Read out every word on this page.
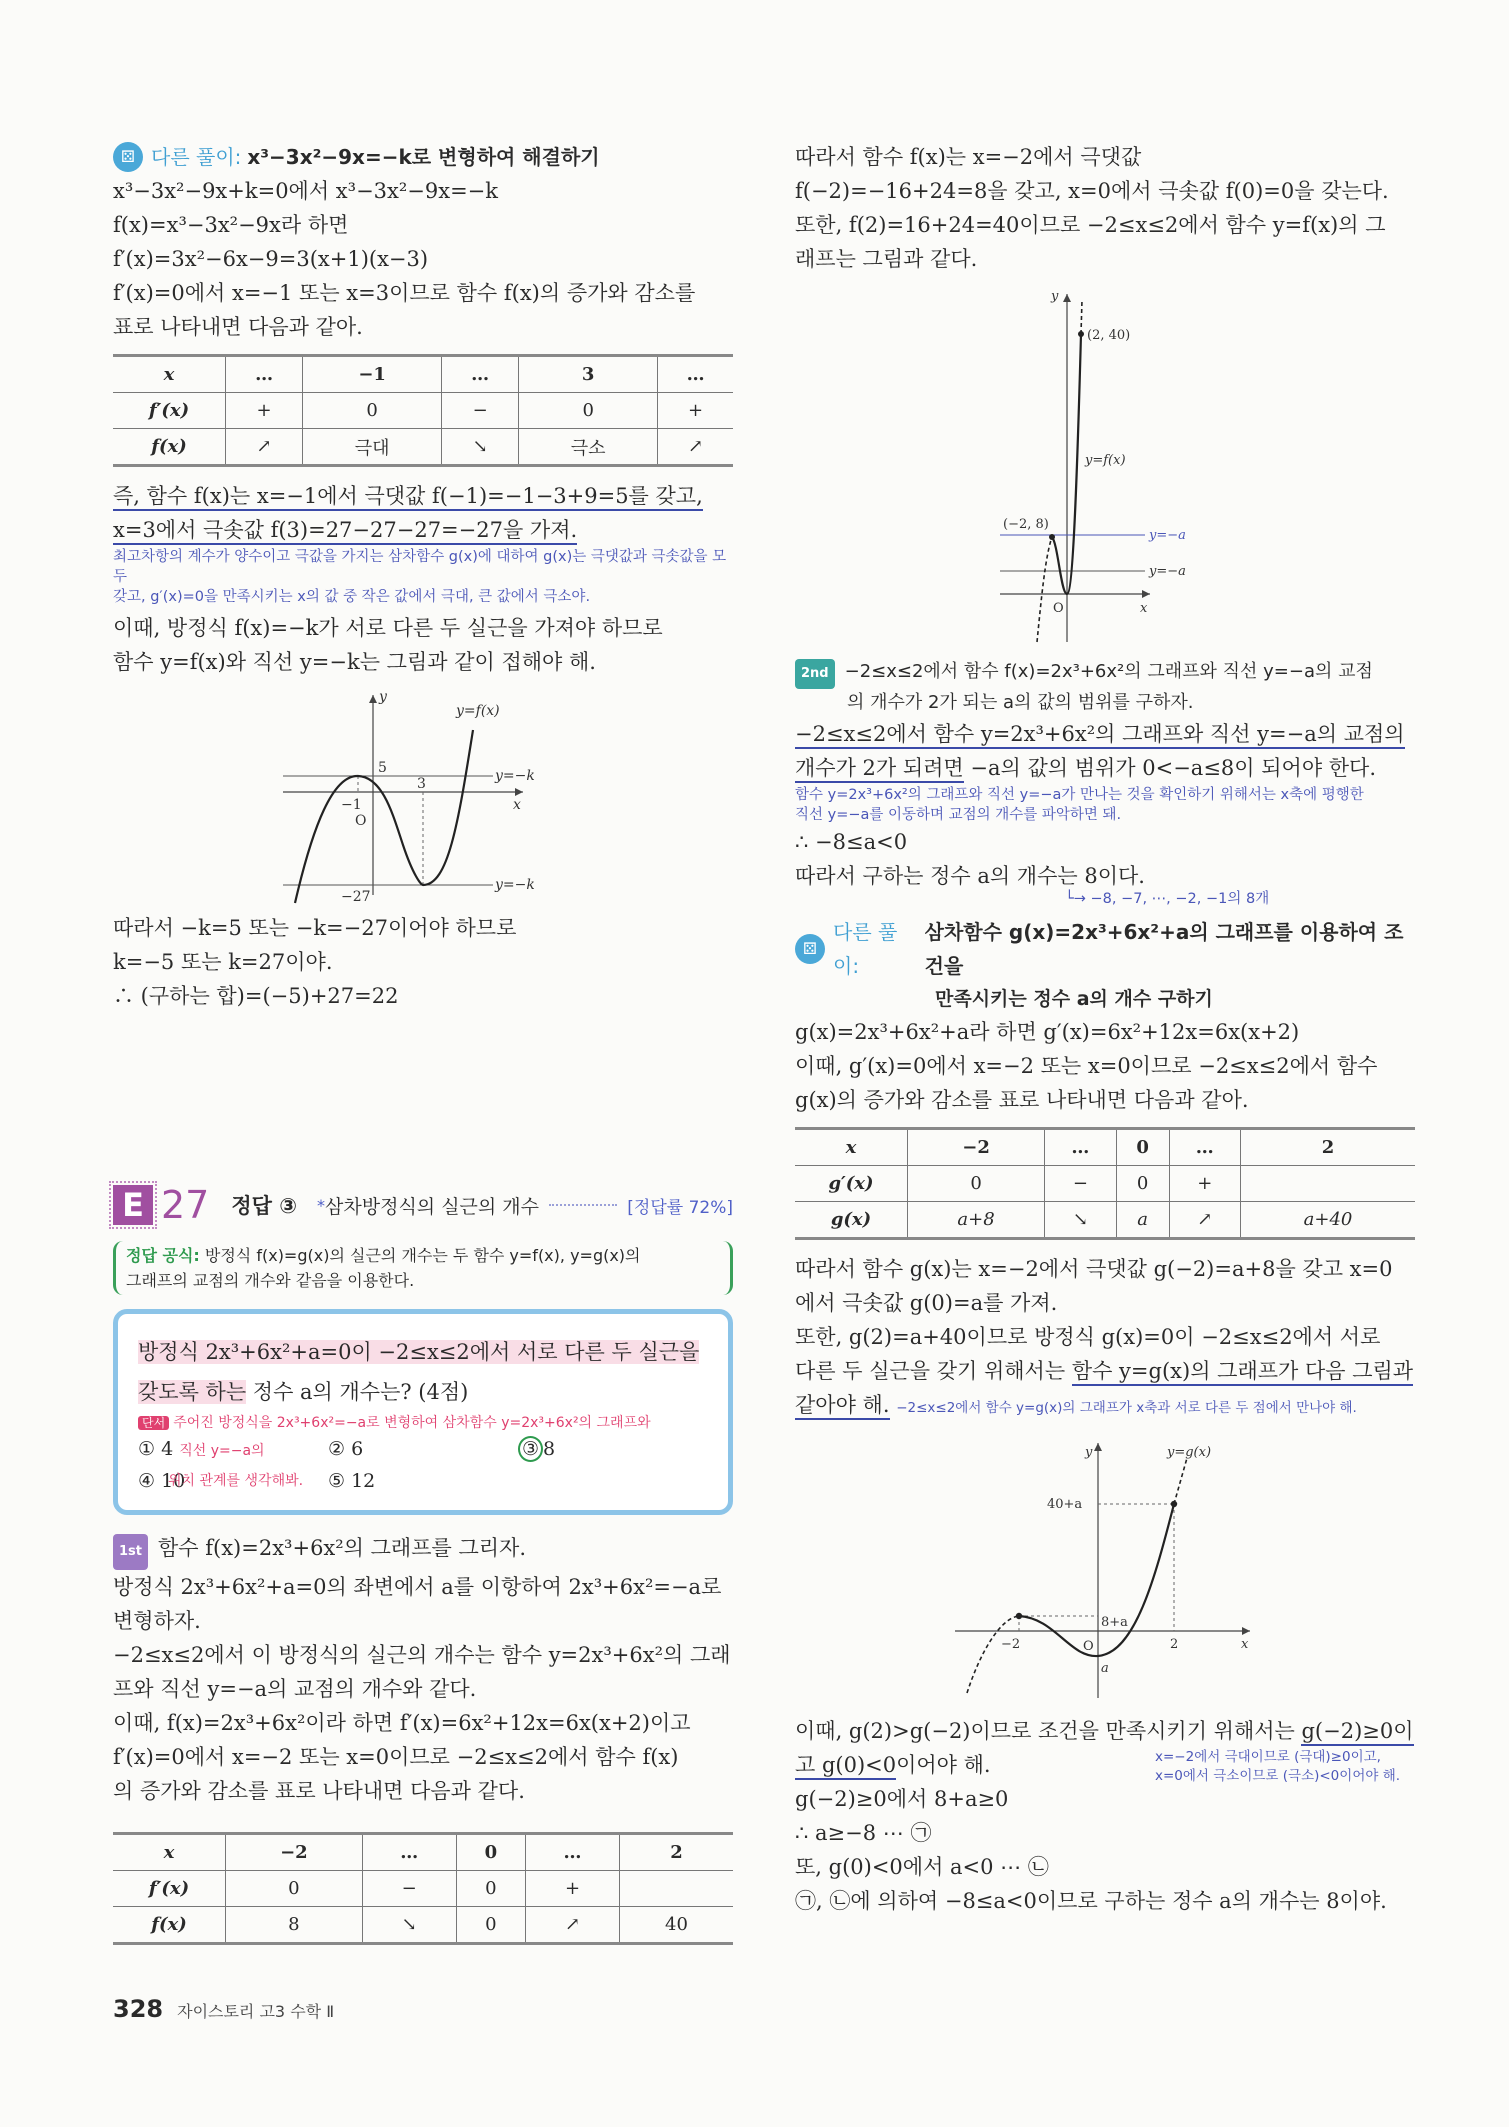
⚄ 다른 풀이: x³−3x²−9x=−k로 변형하여 해결하기
x³−3x²−9x+k=0에서 x³−3x²−9x=−k
f(x)=x³−3x²−9x라 하면
f′(x)=3x²−6x−9=3(x+1)(x−3)
f′(x)=0에서 x=−1 또는 x=3이므로 함수 f(x)의 증가와 감소를
표로 나타내면 다음과 같아.
x	…	−1	…	3	…
f′(x)	+	0	−	0	+
f(x)	↗	극대	↘	극소	↗
즉, 함수 f(x)는 x=−1에서 극댓값 f(−1)=−1−3+9=5를 갖고,
x=3에서 극솟값 f(3)=27−27−27=−27을 가져.
최고차항의 계수가 양수이고 극값을 가지는 삼차함수 g(x)에 대하여 g(x)는 극댓값과 극솟값을 모두
갖고, g′(x)=0을 만족시키는 x의 값 중 작은 값에서 극대, 큰 값에서 극소야.
이때, 방정식 f(x)=−k가 서로 다른 두 실근을 가져야 하므로
함수 y=f(x)와 직선 y=−k는 그림과 같이 접해야 해.
y
x
y=f(x)
5
3
−1
O
−27
y=−k
y=−k
따라서 −k=5 또는 −k=−27이어야 하므로
k=−5 또는 k=27이야.
∴ (구하는 합)=(−5)+27=22
E 27 정답 ③ * 삼차방정식의 실근의 개수	[정답률 72%]
정답 공식: 방정식 f(x)=g(x)의 실근의 개수는 두 함수 y=f(x), y=g(x)의
그래프의 교점의 개수와 같음을 이용한다.
방정식 2x³+6x²+a=0이 −2≤x≤2에서 서로 다른 두 실근을
갖도록 하는 정수 a의 개수는? (4점)
단서 주어진 방정식을 2x³+6x²=−a로 변형하여 삼차함수 y=2x³+6x²의 그래프와
① 4 직선 y=−a의	② 6	③ 8
④ 10
위치 관계를 생각해봐.	⑤ 12
1st 함수 f(x)=2x³+6x²의 그래프를 그리자.
방정식 2x³+6x²+a=0의 좌변에서 a를 이항하여 2x³+6x²=−a로
변형하자.
−2≤x≤2에서 이 방정식의 실근의 개수는 함수 y=2x³+6x²의 그래
프와 직선 y=−a의 교점의 개수와 같다.
이때, f(x)=2x³+6x²이라 하면 f′(x)=6x²+12x=6x(x+2)이고
f′(x)=0에서 x=−2 또는 x=0이므로 −2≤x≤2에서 함수 f(x)
의 증가와 감소를 표로 나타내면 다음과 같다.
x	−2	…	0	…	2
f′(x)	0	−	0	+	
f(x)	8	↘	0	↗	40
따라서 함수 f(x)는 x=−2에서 극댓값
f(−2)=−16+24=8을 갖고, x=0에서 극솟값 f(0)=0을 갖는다.
또한, f(2)=16+24=40이므로 −2≤x≤2에서 함수 y=f(x)의 그
래프는 그림과 같다.
y
x
O
(2, 40)
(−2, 8)
y=f(x)
y=−a
y=−a
2nd −2≤x≤2에서 함수 f(x)=2x³+6x²의 그래프와 직선 y=−a의 교점
의 개수가 2가 되는 a의 값의 범위를 구하자.
−2≤x≤2에서 함수 y=2x³+6x²의 그래프와 직선 y=−a의 교점의
개수가 2가 되려면 −a의 값의 범위가 0<−a≤8이 되어야 한다.
함수 y=2x³+6x²의 그래프와 직선 y=−a가 만나는 것을 확인하기 위해서는 x축에 평행한
직선 y=−a를 이동하며 교점의 개수를 파악하면 돼.
∴ −8≤a<0
따라서 구하는 정수 a의 개수는 8이다.
└→ −8, −7, ⋯, −2, −1의 8개
⚄
다른 풀이:
삼차함수 g(x)=2x³+6x²+a의 그래프를 이용하여 조건을
만족시키는 정수 a의 개수 구하기
g(x)=2x³+6x²+a라 하면 g′(x)=6x²+12x=6x(x+2)
이때, g′(x)=0에서 x=−2 또는 x=0이므로 −2≤x≤2에서 함수
g(x)의 증가와 감소를 표로 나타내면 다음과 같아.
x	−2	…	0	…	2
g′(x)	0	−	0	+	
g(x)	a+8	↘	a	↗	a+40
따라서 함수 g(x)는 x=−2에서 극댓값 g(−2)=a+8을 갖고 x=0
에서 극솟값 g(0)=a를 가져.
또한, g(2)=a+40이므로 방정식 g(x)=0이 −2≤x≤2에서 서로
다른 두 실근을 갖기 위해서는 함수 y=g(x)의 그래프가 다음 그림과
같아야 해. −2≤x≤2에서 함수 y=g(x)의 그래프가 x축과 서로 다른 두 점에서 만나야 해.
y
x
O
y=g(x)
40+a
8+a
a
−2	2
이때, g(2)>g(−2)이므로 조건을 만족시키기 위해서는 g(−2)≥0이
고 g(0)<0이어야 해.	x=−2에서 극대이므로 (극대)≥0이고,
x=0에서 극소이므로 (극소)<0이어야 해.
g(−2)≥0에서 8+a≥0
∴ a≥−8 ⋯ ㉠
또, g(0)<0에서 a<0 ⋯ ㉡
㉠, ㉡에 의하여 −8≤a<0이므로 구하는 정수 a의 개수는 8이야.
328 자이스토리 고3 수학 Ⅱ
